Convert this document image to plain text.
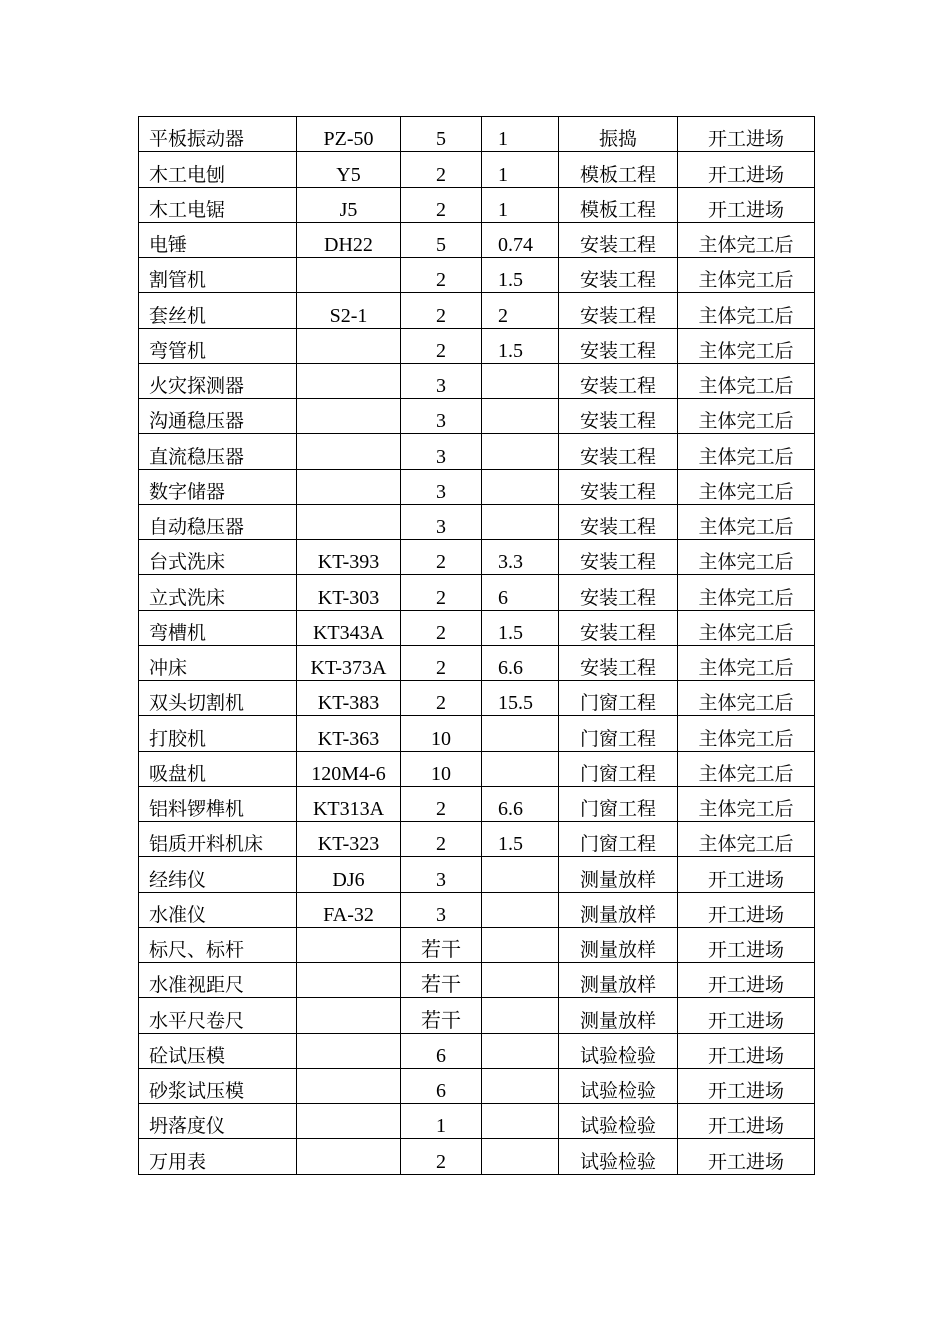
平板振动器	PZ-50	5	1	振捣	开工进场
木工电刨	Y5	2	1	模板工程	开工进场
木工电锯	J5	2	1	模板工程	开工进场
电锤	DH22	5	0.74	安装工程	主体完工后
割管机		2	1.5	安装工程	主体完工后
套丝机	S2-1	2	2	安装工程	主体完工后
弯管机		2	1.5	安装工程	主体完工后
火灾探测器		3		安装工程	主体完工后
沟通稳压器		3		安装工程	主体完工后
直流稳压器		3		安装工程	主体完工后
数字储器		3		安装工程	主体完工后
自动稳压器		3		安装工程	主体完工后
台式洗床	KT-393	2	3.3	安装工程	主体完工后
立式洗床	KT-303	2	6	安装工程	主体完工后
弯槽机	KT343A	2	1.5	安装工程	主体完工后
冲床	KT-373A	2	6.6	安装工程	主体完工后
双头切割机	KT-383	2	15.5	门窗工程	主体完工后
打胶机	KT-363	10		门窗工程	主体完工后
吸盘机	120M4-6	10		门窗工程	主体完工后
铝料锣榫机	KT313A	2	6.6	门窗工程	主体完工后
铝质开料机床	KT-323	2	1.5	门窗工程	主体完工后
经纬仪	DJ6	3		测量放样	开工进场
水准仪	FA-32	3		测量放样	开工进场
标尺、标杆		若干		测量放样	开工进场
水准视距尺		若干		测量放样	开工进场
水平尺卷尺		若干		测量放样	开工进场
砼试压模		6		试验检验	开工进场
砂浆试压模		6		试验检验	开工进场
坍落度仪		1		试验检验	开工进场
万用表		2		试验检验	开工进场
